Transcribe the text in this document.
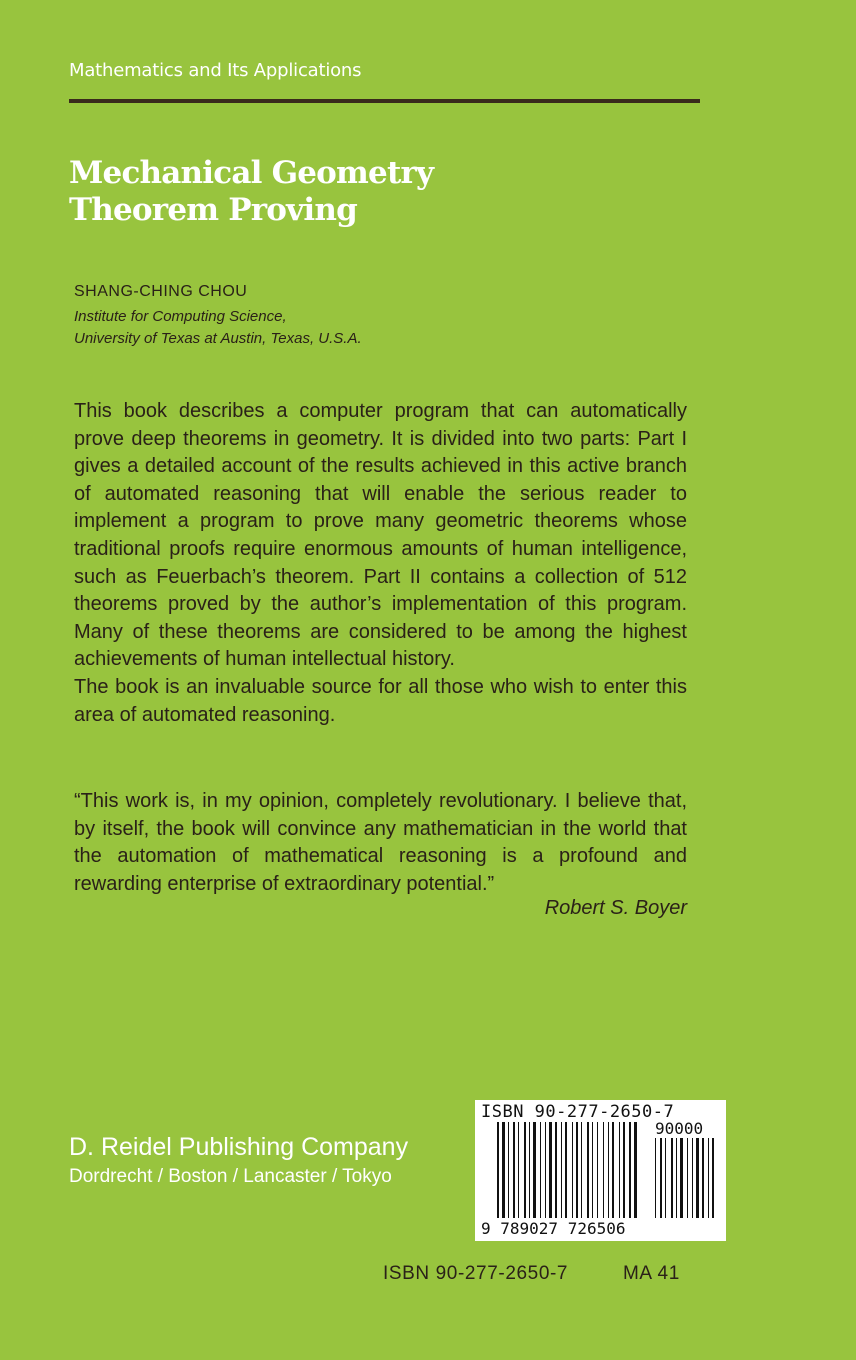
Mathematics and Its Applications
Mechanical Geometry
Theorem Proving
SHANG-CHING CHOU
Institute for Computing Science,
University of Texas at Austin, Texas, U.S.A.

This book describes a computer program that can automatically prove deep theorems in geometry. It is divided into two parts: Part I gives a detailed account of the results achieved in this active branch of automated reasoning that will enable the serious reader to implement a program to prove many geometric theorems whose traditional proofs require enormous amounts of human intelligence, such as Feuerbach’s theorem. Part II contains a collection of 512 theorems proved by the author’s implementation of this program. Many of these theorems are considered to be among the highest achievements of human intellectual history.

The book is an invaluable source for all those who wish to enter this area of automated reasoning.

“This work is, in my opinion, completely revolutionary. I believe that, by itself, the book will convince any mathematician in the world that the automation of mathematical reasoning is a profound and rewarding enterprise of extraordinary potential.”

Robert S. Boyer
D. Reidel Publishing Company
Dordrecht / Boston / Lancaster / Tokyo
ISBN 90-277-2650-7
90000
9 789027 726506
ISBN 90-277-2650-7	MA 41
